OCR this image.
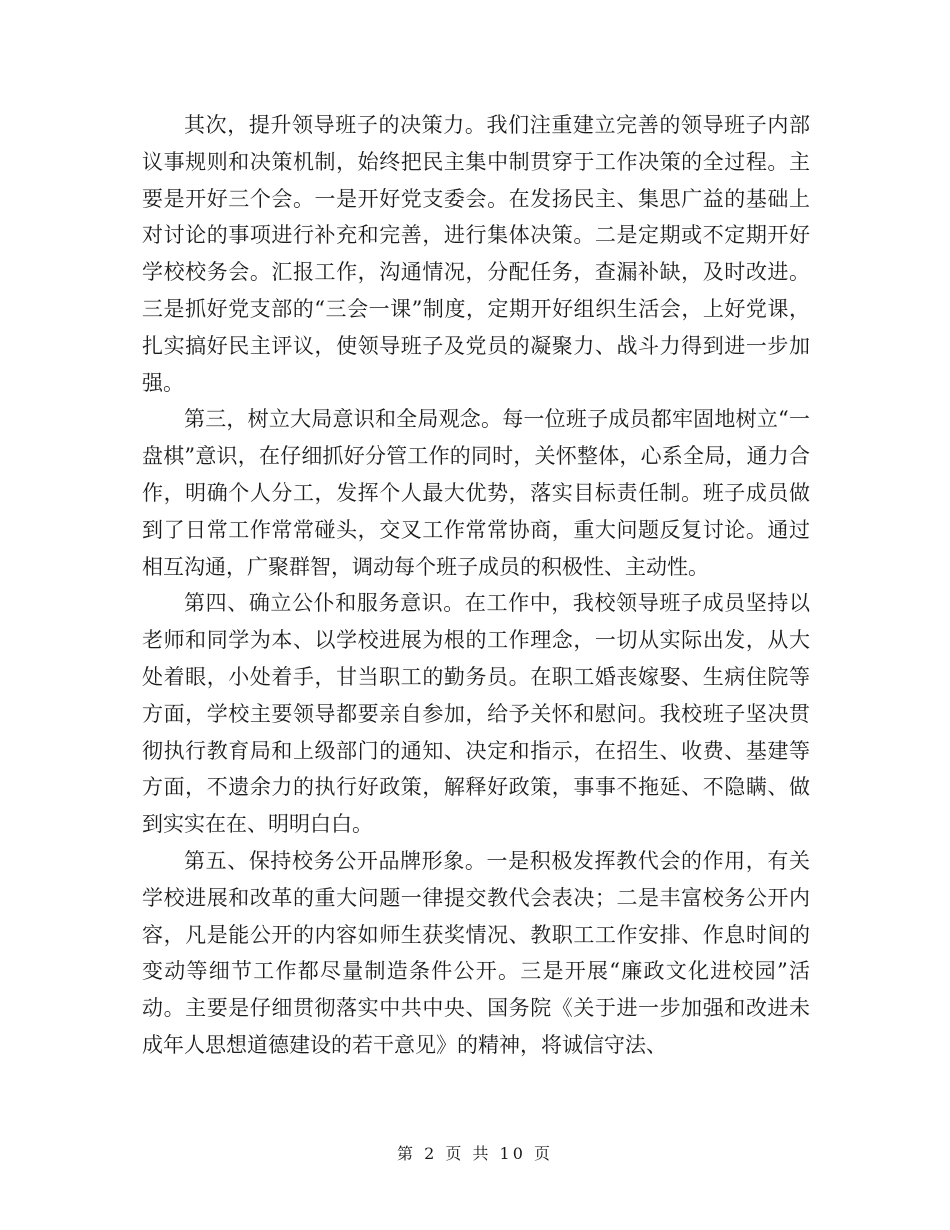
其次，提升领导班子的决策力。我们注重建立完善的领导班子内部议事规则和决策机制，始终把民主集中制贯穿于工作决策的全过程。主要是开好三个会。一是开好党支委会。在发扬民主、集思广益的基础上对讨论的事项进行补充和完善，进行集体决策。二是定期或不定期开好学校校务会。汇报工作，沟通情况，分配任务，查漏补缺，及时改进。三是抓好党支部的“三会一课”制度，定期开好组织生活会，上好党课，扎实搞好民主评议，使领导班子及党员的凝聚力、战斗力得到进一步加强。

第三，树立大局意识和全局观念。每一位班子成员都牢固地树立“一盘棋”意识，在仔细抓好分管工作的同时，关怀整体，心系全局，通力合作，明确个人分工，发挥个人最大优势，落实目标责任制。班子成员做到了日常工作常常碰头，交叉工作常常协商，重大问题反复讨论。通过相互沟通，广聚群智，调动每个班子成员的积极性、主动性。

第四、确立公仆和服务意识。在工作中，我校领导班子成员坚持以老师和同学为本、以学校进展为根的工作理念，一切从实际出发，从大处着眼，小处着手，甘当职工的勤务员。在职工婚丧嫁娶、生病住院等方面，学校主要领导都要亲自参加，给予关怀和慰问。我校班子坚决贯彻执行教育局和上级部门的通知、决定和指示，在招生、收费、基建等方面，不遗余力的执行好政策，解释好政策，事事不拖延、不隐瞒、做到实实在在、明明白白。

第五、保持校务公开品牌形象。一是积极发挥教代会的作用，有关学校进展和改革的重大问题一律提交教代会表决；二是丰富校务公开内容，凡是能公开的内容如师生获奖情况、教职工工作安排、作息时间的变动等细节工作都尽量制造条件公开。三是开展“廉政文化进校园”活动。主要是仔细贯彻落实中共中央、国务院《关于进一步加强和改进未成年人思想道德建设的若干意见》的精神，将诚信守法、

第 2 页 共 10 页
